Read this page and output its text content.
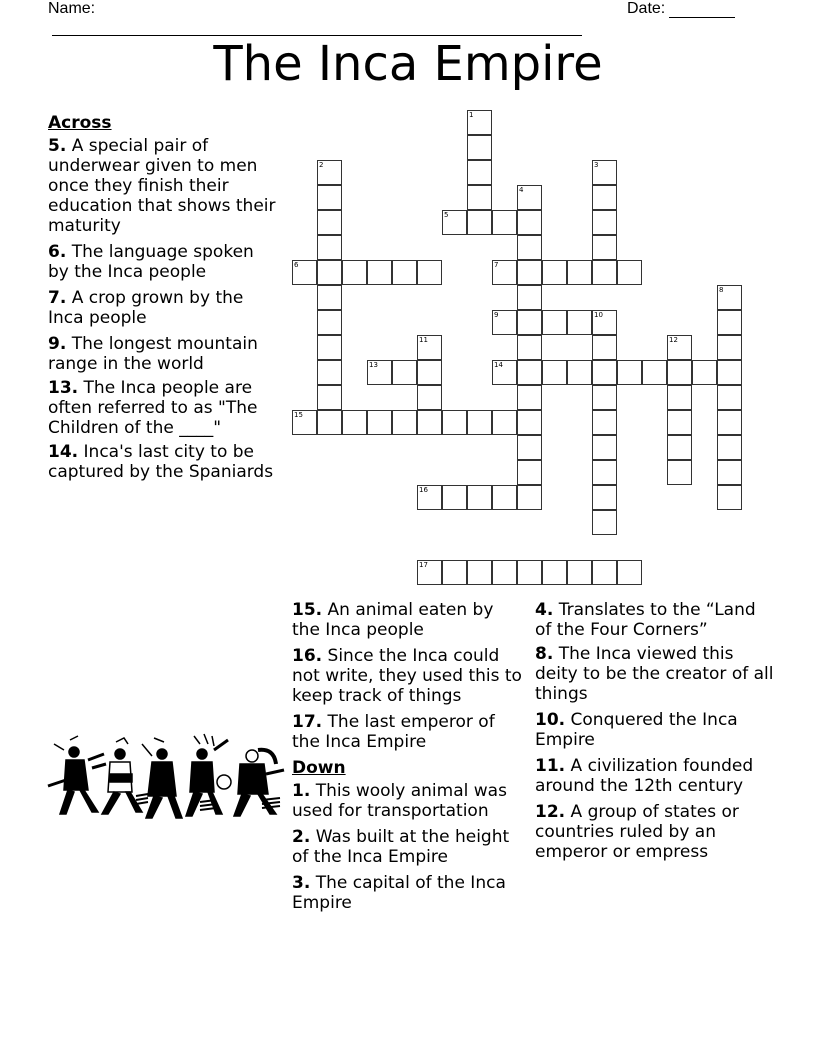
Name:	Date:
The Inca Empire
Across
5. A special pair of underwear given to men once they finish their education that shows their maturity
6. The language spoken by the Inca people
7. A crop grown by the Inca people
9. The longest mountain range in the world
13. The Inca people are often referred to as "The Children of the ____"
14. Inca's last city to be captured by the Spaniards
15. An animal eaten by the Inca people
16. Since the Inca could not write, they used this to keep track of things
17. The last emperor of the Inca Empire
Down
1. This wooly animal was used for transportation
2. Was built at the height of the Inca Empire
3. The capital of the Inca Empire
4. Translates to the “Land of the Four Corners”
8. The Inca viewed this deity to be the creator of all things
10. Conquered the Inca Empire
11. A civilization founded around the 12th century
12. A group of states or countries ruled by an emperor or empress
1
2	3
4
5
6	7
8
9	10
11	12
13	14
15
16
17
